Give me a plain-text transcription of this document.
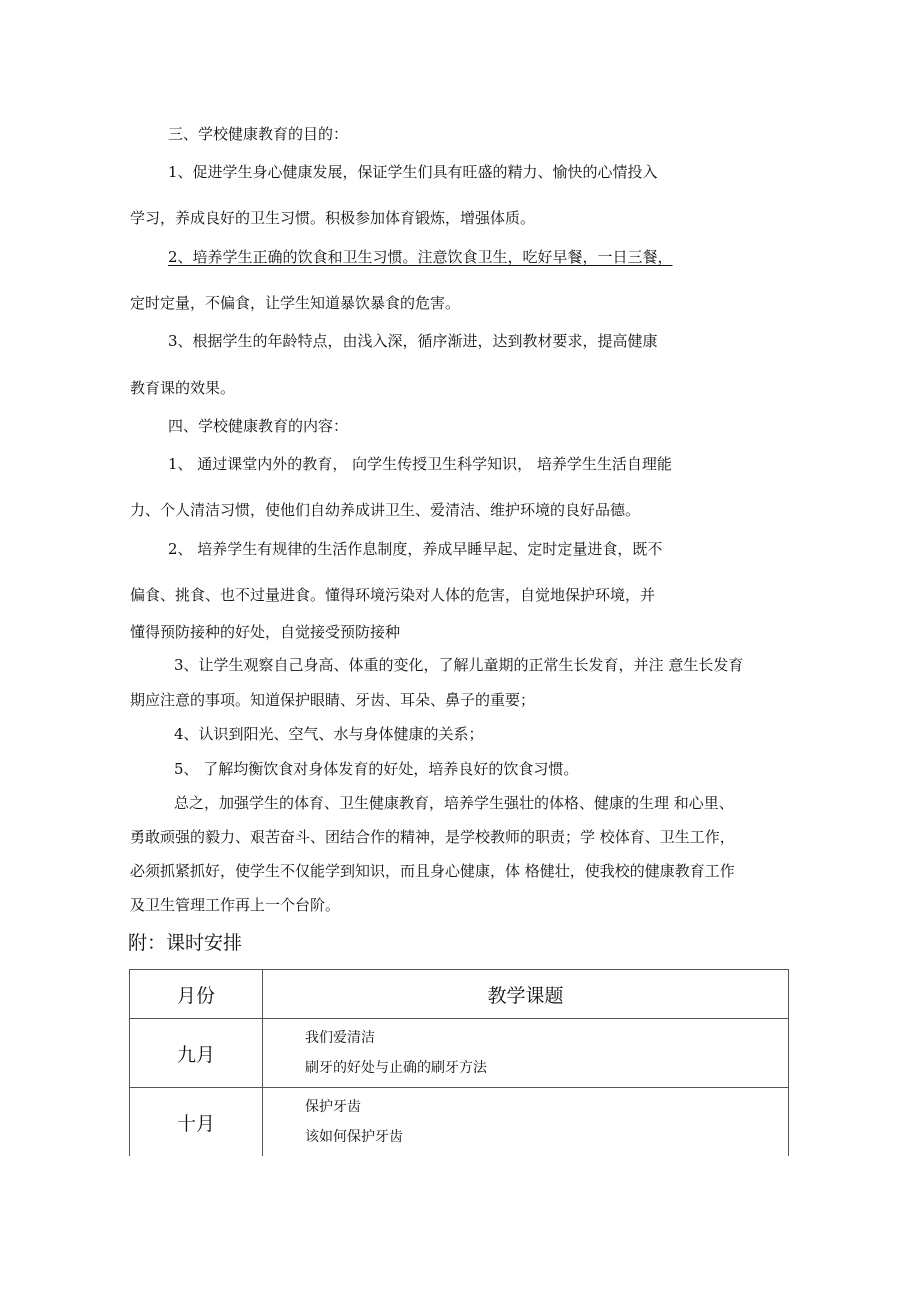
三、学校健康教育的目的：
1、促进学生身心健康发展，保证学生们具有旺盛的精力、愉快的心情投入
学习，养成良好的卫生习惯。积极参加体育锻炼，增强体质。
2、培养学生正确的饮食和卫生习惯。注意饮食卫生，吃好早餐，一日三餐，
定时定量，不偏食，让学生知道暴饮暴食的危害。
3、根据学生的年龄特点，由浅入深，循序渐进，达到教材要求，提高健康
教育课的效果。
四、学校健康教育的内容：
1、 通过课堂内外的教育， 向学生传授卫生科学知识， 培养学生生活自理能
力、个人清洁习惯，使他们自幼养成讲卫生、爱清洁、维护环境的良好品德。
2、 培养学生有规律的生活作息制度，养成早睡早起、定时定量进食，既不
偏食、挑食、也不过量进食。懂得环境污染对人体的危害，自觉地保护环境，并
懂得预防接种的好处，自觉接受预防接种
3、让学生观察自己身高、体重的变化，了解儿童期的正常生长发育，并注 意生长发育
期应注意的事项。知道保护眼睛、牙齿、耳朵、鼻子的重要；
4、认识到阳光、空气、水与身体健康的关系；
5、 了解均衡饮食对身体发育的好处，培养良好的饮食习惯。
总之，加强学生的体育、卫生健康教育，培养学生强壮的体格、健康的生理 和心里、
勇敢顽强的毅力、艰苦奋斗、团结合作的精神，是学校教师的职责；学 校体育、卫生工作，
必须抓紧抓好，使学生不仅能学到知识，而且身心健康，体 格健壮，使我校的健康教育工作
及卫生管理工作再上一个台阶。
附：课时安排
月份	教学课题
九月	我们爱清洁
刷牙的好处与止确的刷牙方法

十月	保护牙齿
该如何保护牙齿
